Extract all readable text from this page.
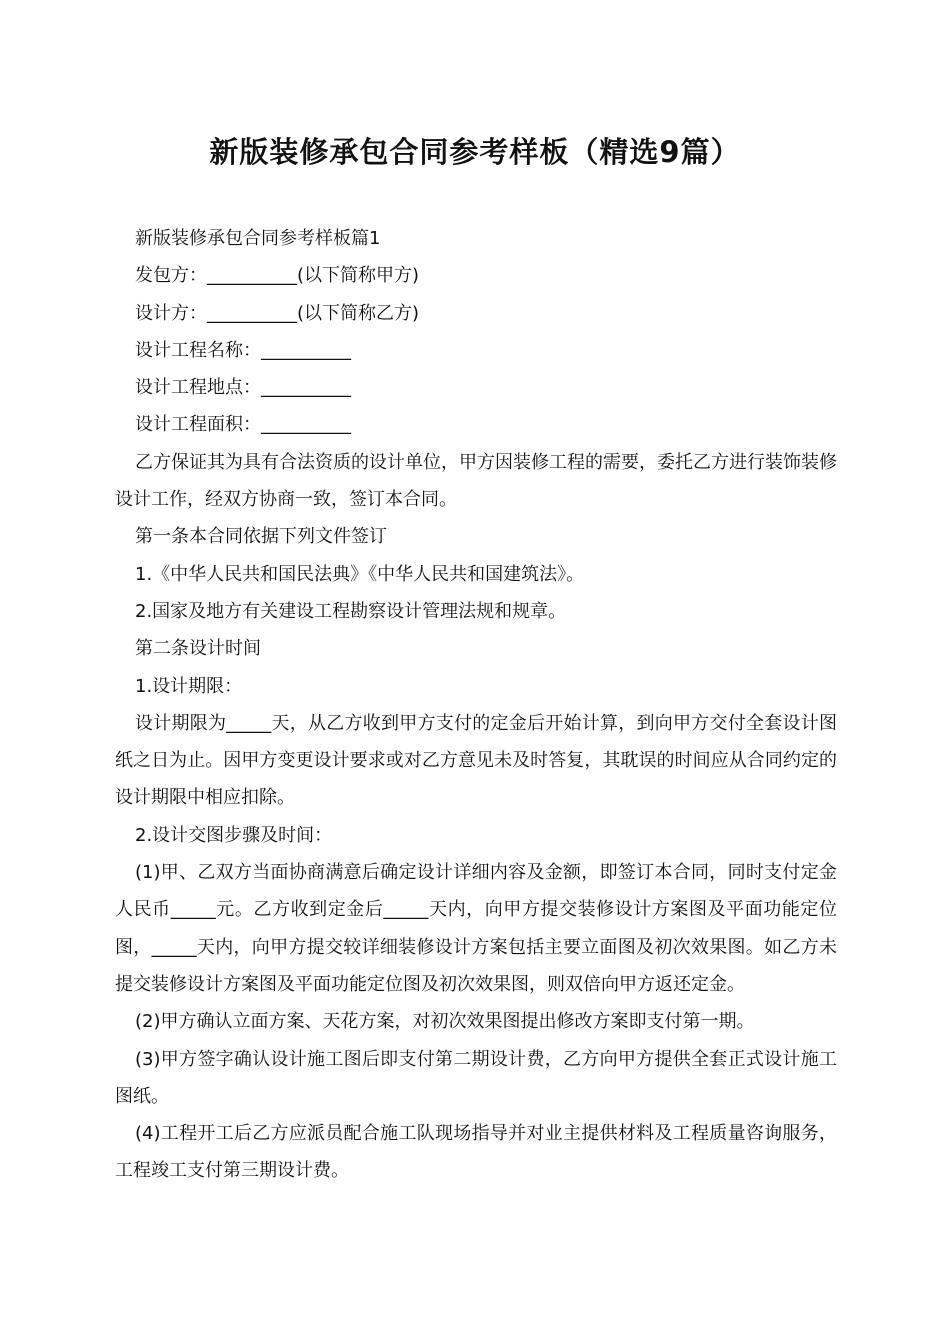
新版装修承包合同参考样板（精选9篇）

新版装修承包合同参考样板篇1

发包方：__________(以下简称甲方)

设计方：__________(以下简称乙方)

设计工程名称：__________

设计工程地点：__________

设计工程面积：__________

乙方保证其为具有合法资质的设计单位，甲方因装修工程的需要，委托乙方进行装饰装修设计工作，经双方协商一致，签订本合同。

第一条本合同依据下列文件签订

1.《中华人民共和国民法典》《中华人民共和国建筑法》。

2.国家及地方有关建设工程勘察设计管理法规和规章。

第二条设计时间

1.设计期限：

设计期限为_____天，从乙方收到甲方支付的定金后开始计算，到向甲方交付全套设计图纸之日为止。因甲方变更设计要求或对乙方意见未及时答复，其耽误的时间应从合同约定的设计期限中相应扣除。

2.设计交图步骤及时间：

(1)甲、乙双方当面协商满意后确定设计详细内容及金额，即签订本合同，同时支付定金人民币_____元。乙方收到定金后_____天内，向甲方提交装修设计方案图及平面功能定位图，_____天内，向甲方提交较详细装修设计方案包括主要立面图及初次效果图。如乙方未提交装修设计方案图及平面功能定位图及初次效果图，则双倍向甲方返还定金。

(2)甲方确认立面方案、天花方案，对初次效果图提出修改方案即支付第一期。

(3)甲方签字确认设计施工图后即支付第二期设计费，乙方向甲方提供全套正式设计施工图纸。

(4)工程开工后乙方应派员配合施工队现场指导并对业主提供材料及工程质量咨询服务，工程竣工支付第三期设计费。
